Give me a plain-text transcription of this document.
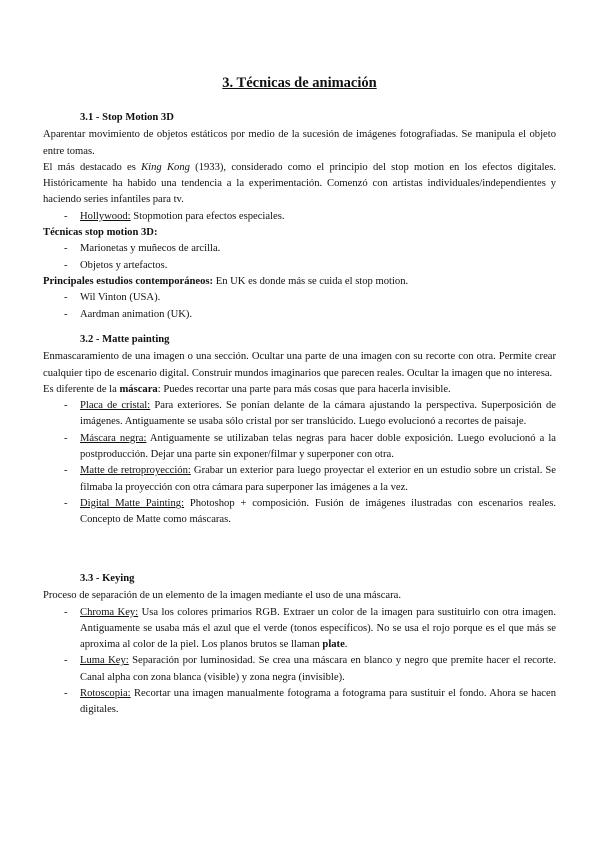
3. Técnicas de animación
3.1 - Stop Motion 3D

Aparentar movimiento de objetos estáticos por medio de la sucesión de imágenes fotografiadas. Se manipula el objeto entre tomas.

El más destacado es King Kong (1933), considerado como el principio del stop motion en los efectos digitales. Históricamente ha habido una tendencia a la experimentación. Comenzó con artistas individuales/independientes y haciendo series infantiles para tv.

- Hollywood: Stopmotion para efectos especiales.

Técnicas stop motion 3D:

- Marionetas y muñecos de arcilla.
- Objetos y artefactos.

Principales estudios contemporáneos: En UK es donde más se cuida el stop motion.

- Wil Vinton (USA).
- Aardman animation (UK).
3.2 - Matte painting

Enmascaramiento de una imagen o una sección. Ocultar una parte de una imagen con su recorte con otra. Permite crear cualquier tipo de escenario digital. Construir mundos imaginarios que parecen reales. Ocultar la imagen que no interesa.

Es diferente de la máscara: Puedes recortar una parte para más cosas que para hacerla invisible.

- Placa de cristal: Para exteriores. Se ponían delante de la cámara ajustando la perspectiva. Superposición de imágenes. Antiguamente se usaba sólo cristal por ser translúcido. Luego evolucionó a recortes de paisaje.
- Máscara negra: Antiguamente se utilizaban telas negras para hacer doble exposición. Luego evolucionó a la postproducción. Dejar una parte sin exponer/filmar y superponer con otra.
- Matte de retroproyección: Grabar un exterior para luego proyectar el exterior en un estudio sobre un cristal. Se filmaba la proyección con otra cámara para superponer las imágenes a la vez.
- Digital Matte Painting: Photoshop + composición. Fusión de imágenes ilustradas con escenarios reales. Concepto de Matte como máscaras.
3.3 - Keying

Proceso de separación de un elemento de la imagen mediante el uso de una máscara.

- Chroma Key: Usa los colores primarios RGB. Extraer un color de la imagen para sustituirlo con otra imagen. Antiguamente se usaba más el azul que el verde (tonos específicos). No se usa el rojo porque es el que más se aproxima al color de la piel. Los planos brutos se llaman plate.
- Luma Key: Separación por luminosidad. Se crea una máscara en blanco y negro que premite hacer el recorte. Canal alpha con zona blanca (visible) y zona negra (invisible).
- Rotoscopia: Recortar una imagen manualmente fotograma a fotograma para sustituir el fondo. Ahora se hacen digitales.
